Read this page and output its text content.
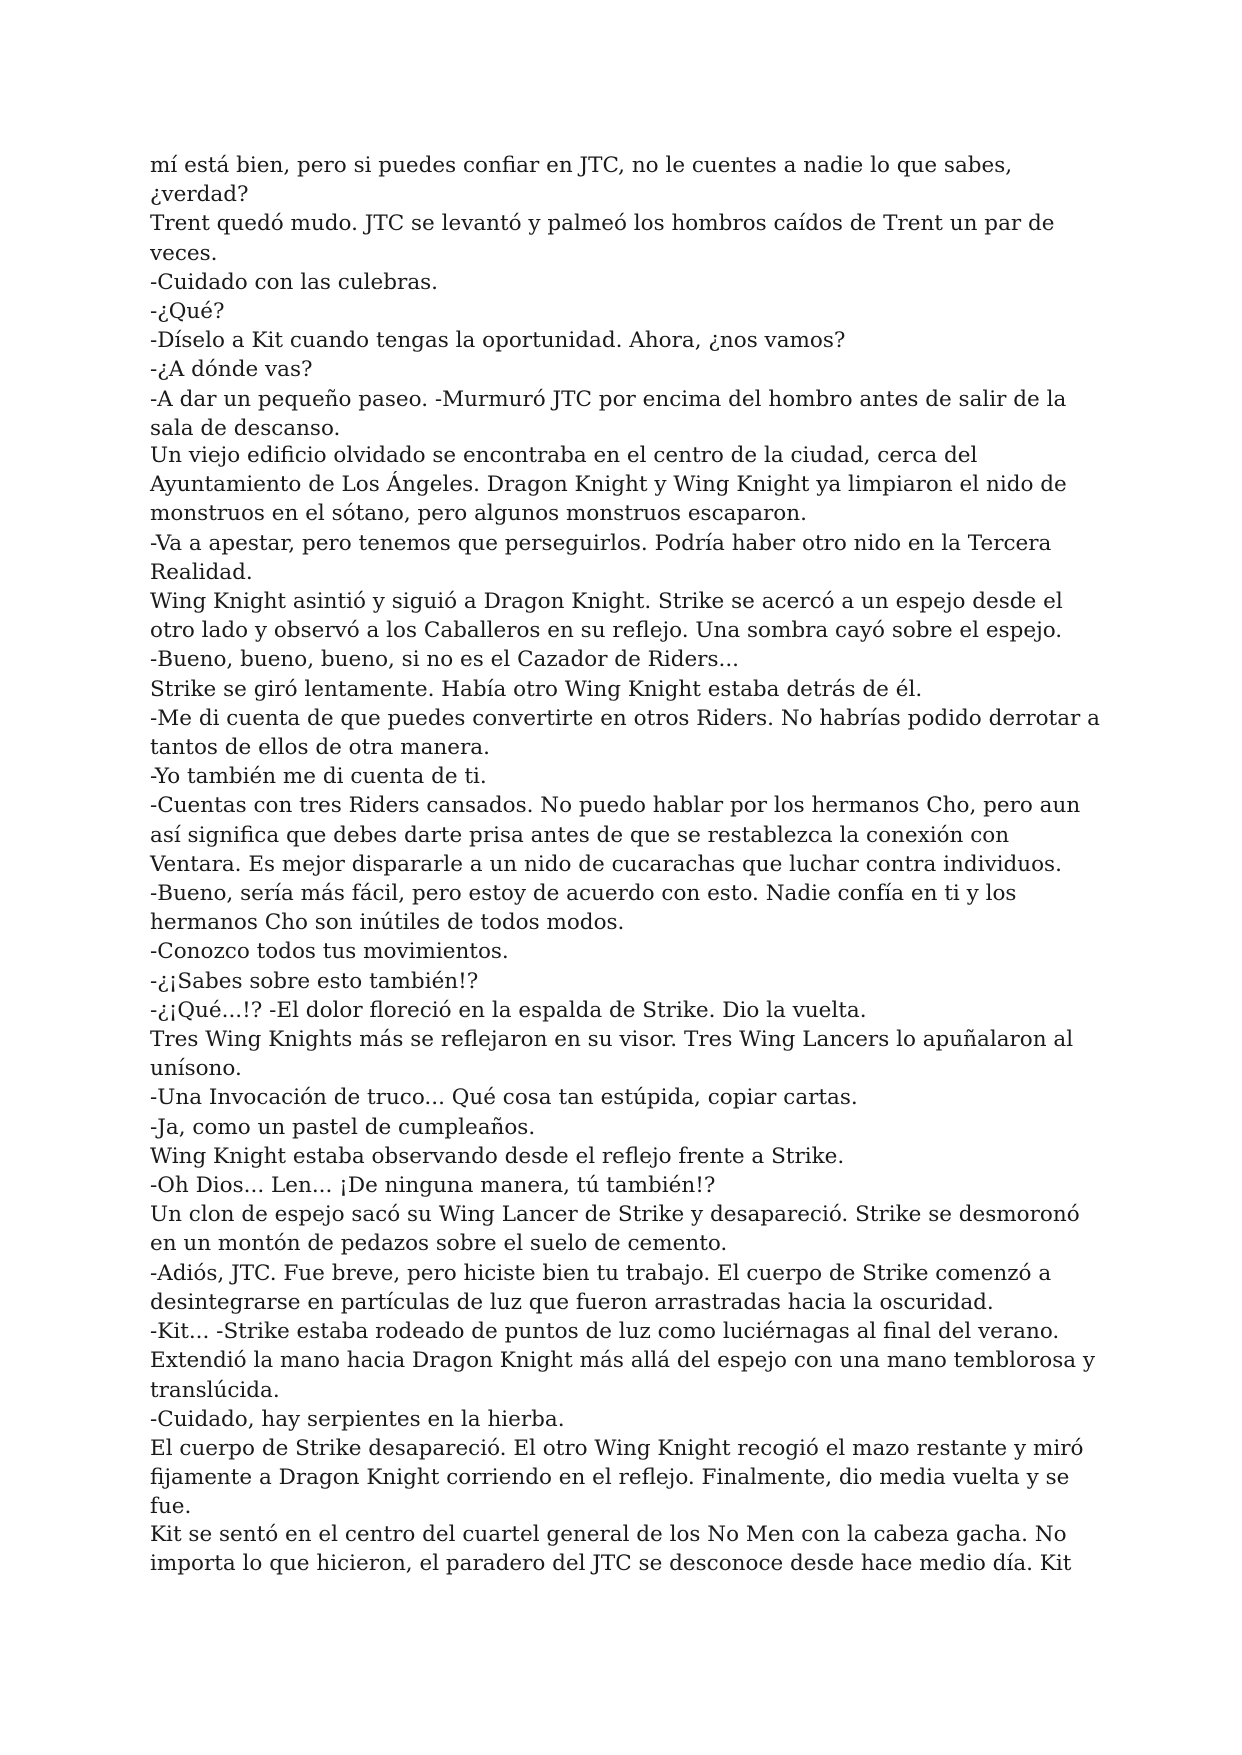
mí está bien, pero si puedes confiar en JTC, no le cuentes a nadie lo que sabes, ¿verdad?

Trent quedó mudo. JTC se levantó y palmeó los hombros caídos de Trent un par de veces.

-Cuidado con las culebras.

-¿Qué?

-Díselo a Kit cuando tengas la oportunidad. Ahora, ¿nos vamos?

-¿A dónde vas?

-A dar un pequeño paseo. -Murmuró JTC por encima del hombro antes de salir de la sala de descanso.

Un viejo edificio olvidado se encontraba en el centro de la ciudad, cerca del Ayuntamiento de Los Ángeles. Dragon Knight y Wing Knight ya limpiaron el nido de monstruos en el sótano, pero algunos monstruos escaparon.

-Va a apestar, pero tenemos que perseguirlos. Podría haber otro nido en la Tercera Realidad.

Wing Knight asintió y siguió a Dragon Knight. Strike se acercó a un espejo desde el otro lado y observó a los Caballeros en su reflejo. Una sombra cayó sobre el espejo.

-Bueno, bueno, bueno, si no es el Cazador de Riders...

Strike se giró lentamente. Había otro Wing Knight estaba detrás de él.

-Me di cuenta de que puedes convertirte en otros Riders. No habrías podido derrotar a tantos de ellos de otra manera.

-Yo también me di cuenta de ti.

-Cuentas con tres Riders cansados. No puedo hablar por los hermanos Cho, pero aun así significa que debes darte prisa antes de que se restablezca la conexión con Ventara. Es mejor dispararle a un nido de cucarachas que luchar contra individuos.

-Bueno, sería más fácil, pero estoy de acuerdo con esto. Nadie confía en ti y los hermanos Cho son inútiles de todos modos.

-Conozco todos tus movimientos.

-¿¡Sabes sobre esto también!?

-¿¡Qué...!? -El dolor floreció en la espalda de Strike. Dio la vuelta.

Tres Wing Knights más se reflejaron en su visor. Tres Wing Lancers lo apuñalaron al unísono.

-Una Invocación de truco... Qué cosa tan estúpida, copiar cartas.

-Ja, como un pastel de cumpleaños.

Wing Knight estaba observando desde el reflejo frente a Strike.

-Oh Dios... Len... ¡De ninguna manera, tú también!?

Un clon de espejo sacó su Wing Lancer de Strike y desapareció. Strike se desmoronó en un montón de pedazos sobre el suelo de cemento.

-Adiós, JTC. Fue breve, pero hiciste bien tu trabajo. El cuerpo de Strike comenzó a desintegrarse en partículas de luz que fueron arrastradas hacia la oscuridad.

-Kit... -Strike estaba rodeado de puntos de luz como luciérnagas al final del verano. Extendió la mano hacia Dragon Knight más allá del espejo con una mano temblorosa y translúcida.

-Cuidado, hay serpientes en la hierba.

El cuerpo de Strike desapareció. El otro Wing Knight recogió el mazo restante y miró fijamente a Dragon Knight corriendo en el reflejo. Finalmente, dio media vuelta y se fue.

Kit se sentó en el centro del cuartel general de los No Men con la cabeza gacha. No importa lo que hicieron, el paradero del JTC se desconoce desde hace medio día. Kit
